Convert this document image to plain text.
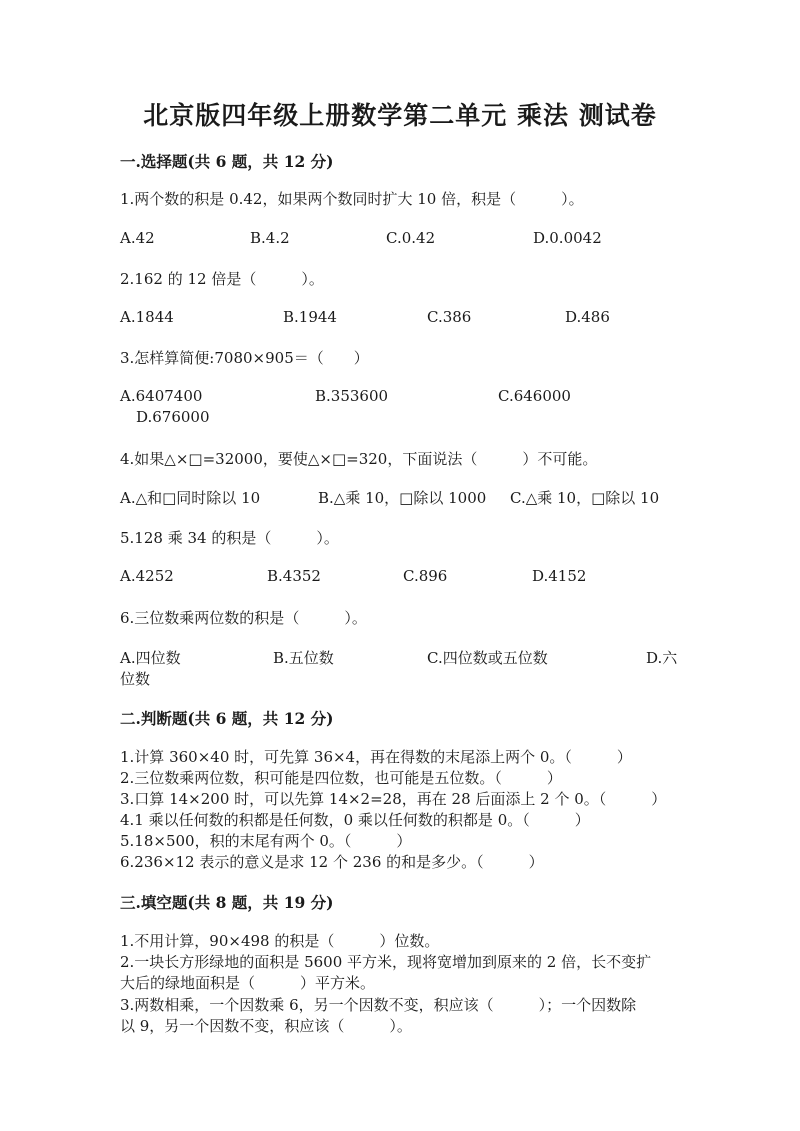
北京版四年级上册数学第二单元 乘法 测试卷
一.选择题(共 6 题，共 12 分)
1.两个数的积是 0.42，如果两个数同时扩大 10 倍，积是（　　　）。
A.42	B.4.2	C.0.42	D.0.0042
2.162 的 12 倍是（　　　）。
A.1844	B.1944	C.386	D.486
3.怎样算简便:7080×905＝（　　）
A.6407400	B.353600	C.646000
D.676000
4.如果△×□=32000，要使△×□=320，下面说法（　　　）不可能。
A.△和□同时除以 10	B.△乘 10，□除以 1000 C.△乘 10，□除以 10
5.128 乘 34 的积是（　　　）。
A.4252	B.4352	C.896	D.4152
6.三位数乘两位数的积是（　　　）。
A.四位数	B.五位数	C.四位数或五位数	D.六
位数
二.判断题(共 6 题，共 12 分)
1.计算 360×40 时，可先算 36×4，再在得数的末尾添上两个 0。（　　　）
2.三位数乘两位数，积可能是四位数，也可能是五位数。（　　　）
3.口算 14×200 时，可以先算 14×2=28，再在 28 后面添上 2 个 0。（　　　）
4.1 乘以任何数的积都是任何数，0 乘以任何数的积都是 0。（　　　）
5.18×500，积的末尾有两个 0。（　　　）
6.236×12 表示的意义是求 12 个 236 的和是多少。（　　　）
三.填空题(共 8 题，共 19 分)
1.不用计算，90×498 的积是（　　　）位数。
2.一块长方形绿地的面积是 5600 平方米，现将宽增加到原来的 2 倍，长不变扩
大后的绿地面积是（　　　）平方米。
3.两数相乘，一个因数乘 6，另一个因数不变，积应该（　　　）；一个因数除
以 9，另一个因数不变，积应该（　　　）。
